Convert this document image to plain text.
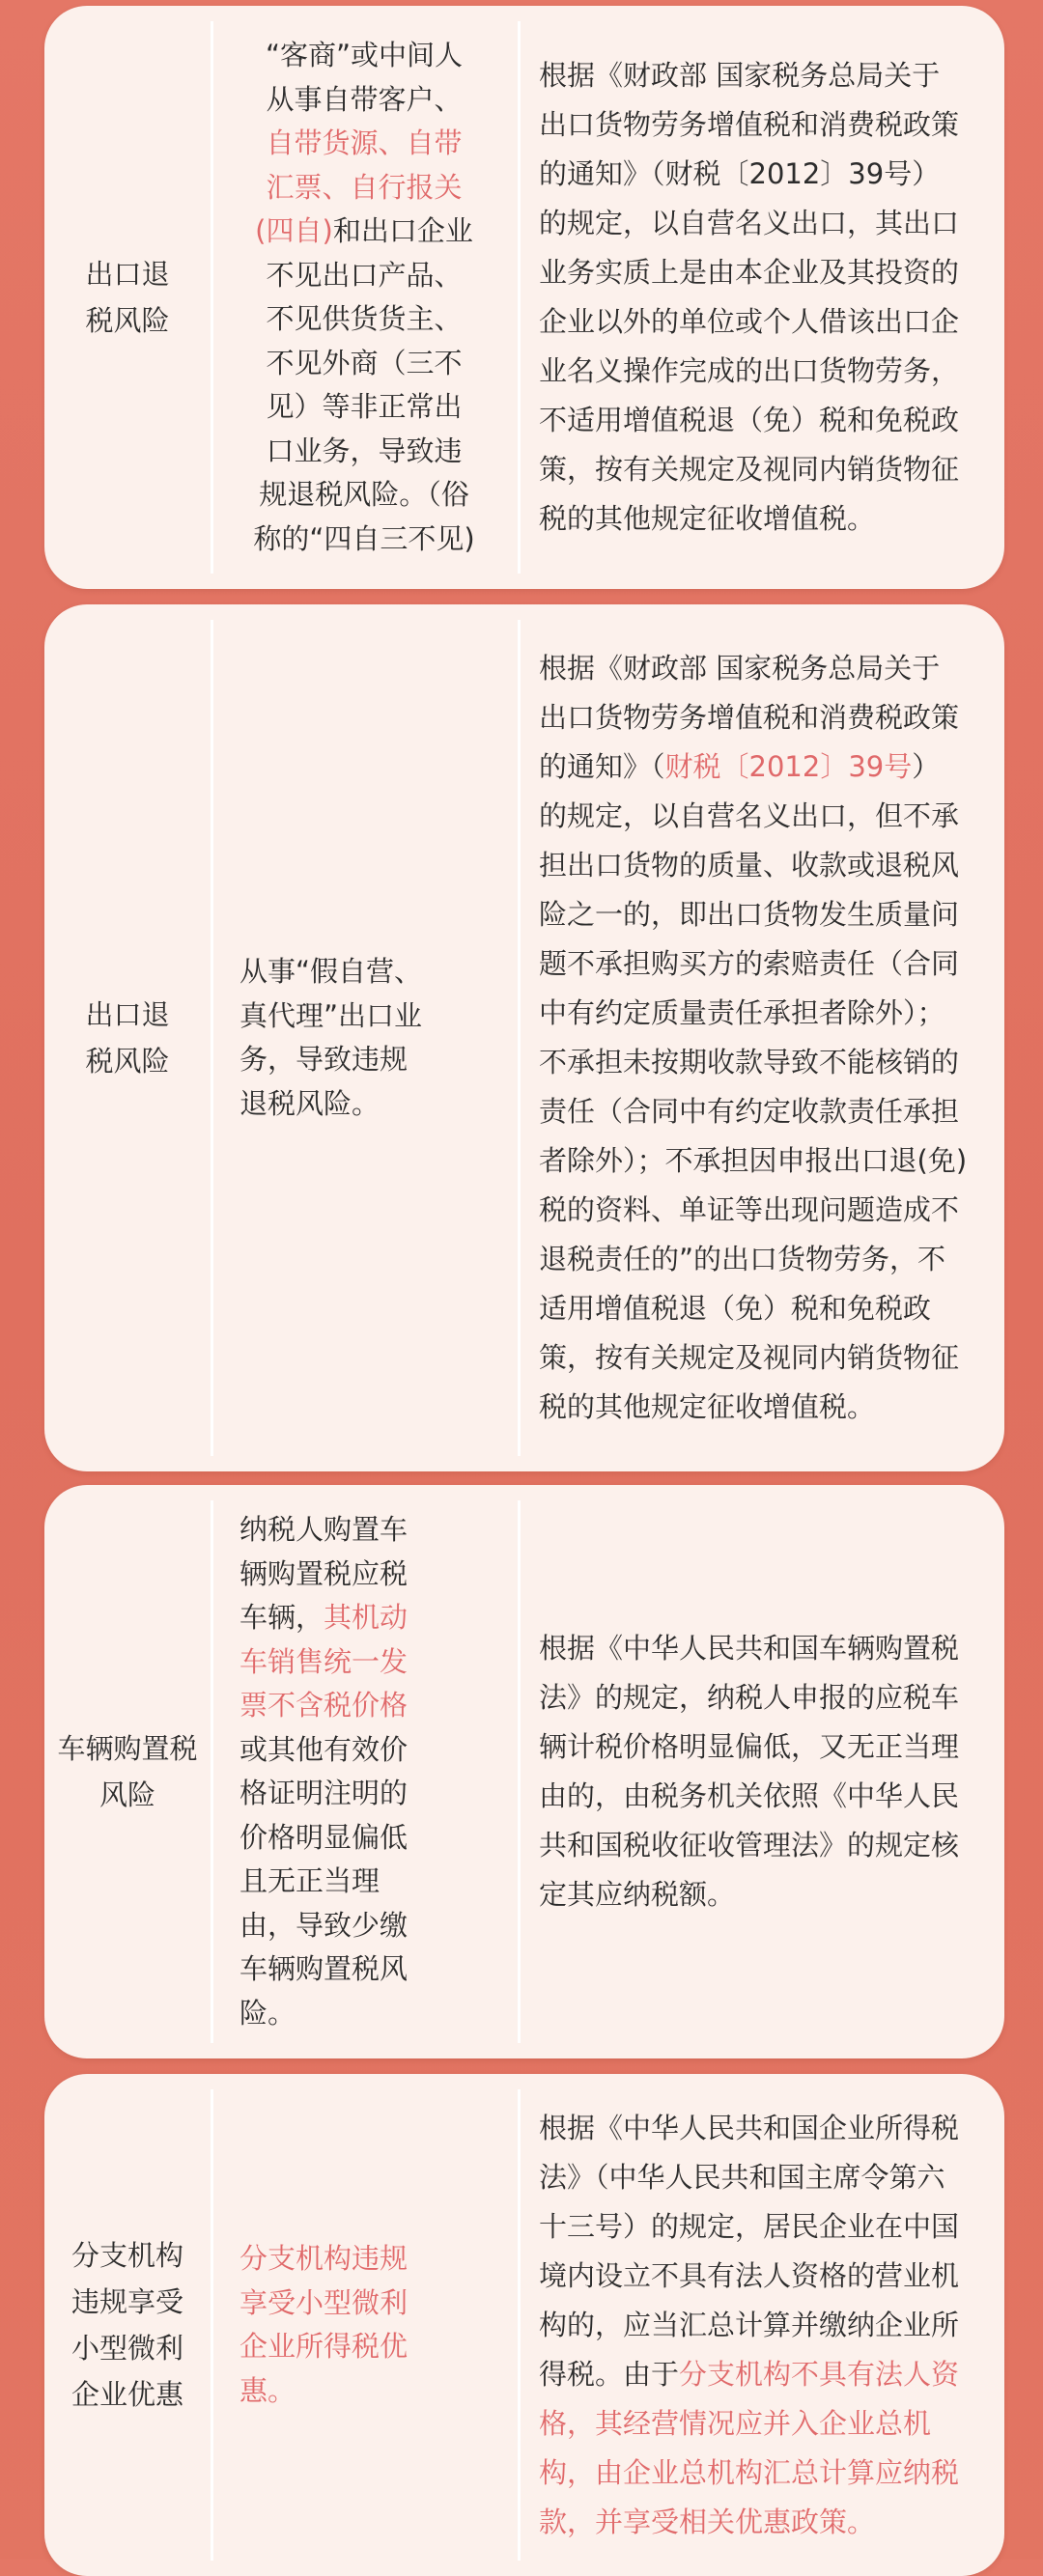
出口退税风险
“客商”或中间人从事自带客户、自带货源、自带汇票、自行报关(四自)和出口企业不见出口产品、不见供货货主、不见外商（三不见）等非正常出口业务，导致违规退税风险。（俗称的“四自三不见)
根据《财政部 国家税务总局关于出口货物劳务增值税和消费税政策的通知》（财税〔2012〕39号）的规定，以自营名义出口，其出口业务实质上是由本企业及其投资的企业以外的单位或个人借该出口企业名义操作完成的出口货物劳务，不适用增值税退（免）税和免税政策，按有关规定及视同内销货物征税的其他规定征收增值税。
出口退税风险
从事“假自营、真代理”出口业务，导致违规退税风险。
根据《财政部 国家税务总局关于出口货物劳务增值税和消费税政策的通知》（财税〔2012〕39号）的规定，以自营名义出口，但不承担出口货物的质量、收款或退税风险之一的，即出口货物发生质量问题不承担购买方的索赔责任（合同中有约定质量责任承担者除外）；不承担未按期收款导致不能核销的责任（合同中有约定收款责任承担者除外）；不承担因申报出口退(免)税的资料、单证等出现问题造成不退税责任的”的出口货物劳务，不适用增值税退（免）税和免税政策，按有关规定及视同内销货物征税的其他规定征收增值税。
车辆购置税风险
纳税人购置车辆购置税应税车辆，其机动车销售统一发票不含税价格或其他有效价格证明注明的价格明显偏低且无正当理由，导致少缴车辆购置税风险。
根据《中华人民共和国车辆购置税法》的规定，纳税人申报的应税车辆计税价格明显偏低，又无正当理由的，由税务机关依照《中华人民共和国税收征收管理法》的规定核定其应纳税额。
分支机构违规享受小型微利企业优惠
分支机构违规享受小型微利企业所得税优惠。
根据《中华人民共和国企业所得税法》（中华人民共和国主席令第六十三号）的规定，居民企业在中国境内设立不具有法人资格的营业机构的，应当汇总计算并缴纳企业所得税。由于分支机构不具有法人资格，其经营情况应并入企业总机构，由企业总机构汇总计算应纳税款，并享受相关优惠政策。
